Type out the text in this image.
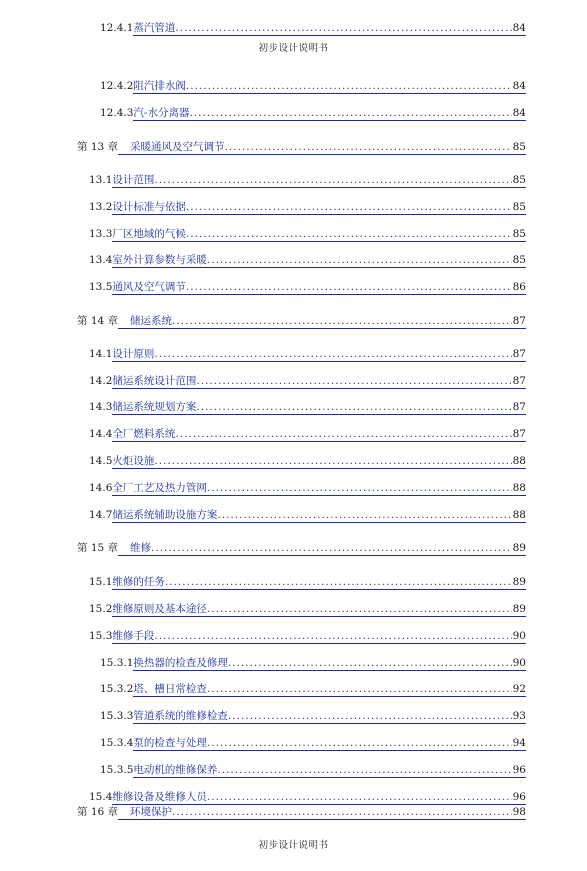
12.4.1 蒸汽管道 .....	84
初步设计说明书
12.4.2 阻汽排水阀 .....	84
12.4.3 汽-水分离器 .....	84
第 13 章	采暖通风及空气调节 .....	85
13.1 设计范围 .....	85
13.2 设计标准与依据 .....	85
13.3 厂区地域的气候 .....	85
13.4 室外计算参数与采暖 .....	85
13.5 通风及空气调节 .....	86
第 14 章	储运系统 .....	87
14.1 设计原则 .....	87
14.2 储运系统设计范围 .....	87
14.3 储运系统规划方案 .....	87
14.4 全厂燃料系统 .....	87
14.5 火炬设施 .....	88
14.6 全厂工艺及热力管网 .....	88
14.7 储运系统辅助设施方案 .....	88
第 15 章	维修 .....	89
15.1 维修的任务 .....	89
15.2 维修原则及基本途径 .....	89
15.3 维修手段 .....	90
15.3.1 换热器的检查及修理 .....	90
15.3.2 塔、槽日常检查 .....	92
15.3.3 管道系统的维修检查 .....	93
15.3.4 泵的检查与处理 .....	94
15.3.5 电动机的维修保养 .....	96
15.4 维修设备及维修人员 .....	96
第 16 章	环境保护 .....	98
初步设计说明书
